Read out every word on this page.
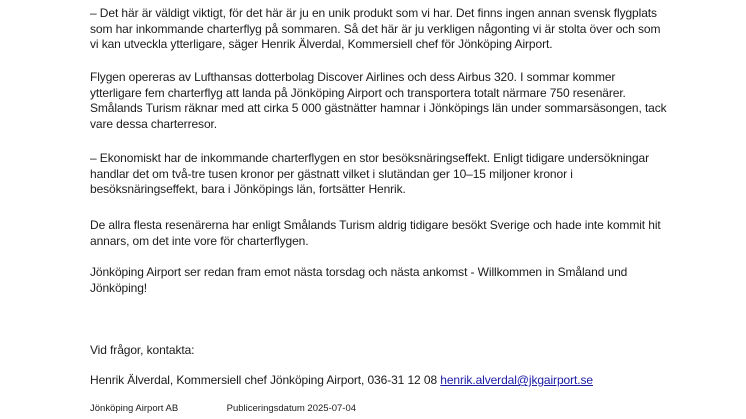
– Det här är väldigt viktigt, för det här är ju en unik produkt som vi har. Det finns ingen annan svensk flygplats som har inkommande charterflyg på sommaren. Så det här är ju verkligen någonting vi är stolta över och som vi kan utveckla ytterligare, säger Henrik Älverdal, Kommersiell chef för Jönköping Airport.

Flygen opereras av Lufthansas dotterbolag Discover Airlines och dess Airbus 320. I sommar kommer ytterligare fem charterflyg att landa på Jönköping Airport och transportera totalt närmare 750 resenärer. Smålands Turism räknar med att cirka 5 000 gästnätter hamnar i Jönköpings län under sommarsäsongen, tack vare dessa charterresor.

– Ekonomiskt har de inkommande charterflygen en stor besöksnäringseffekt. Enligt tidigare undersökningar handlar det om två-tre tusen kronor per gästnatt vilket i slutändan ger 10–15 miljoner kronor i besöksnäringseffekt, bara i Jönköpings län, fortsätter Henrik.

De allra flesta resenärerna har enligt Smålands Turism aldrig tidigare besökt Sverige och hade inte kommit hit annars, om det inte vore för charterflygen.

Jönköping Airport ser redan fram emot nästa torsdag och nästa ankomst - Willkommen in Småland und Jönköping!

Vid frågor, kontakta:

Henrik Älverdal, Kommersiell chef Jönköping Airport, 036-31 12 08 henrik.alverdal@jkgairport.se

Jönköping Airport AB	Publiceringsdatum 2025-07-04
